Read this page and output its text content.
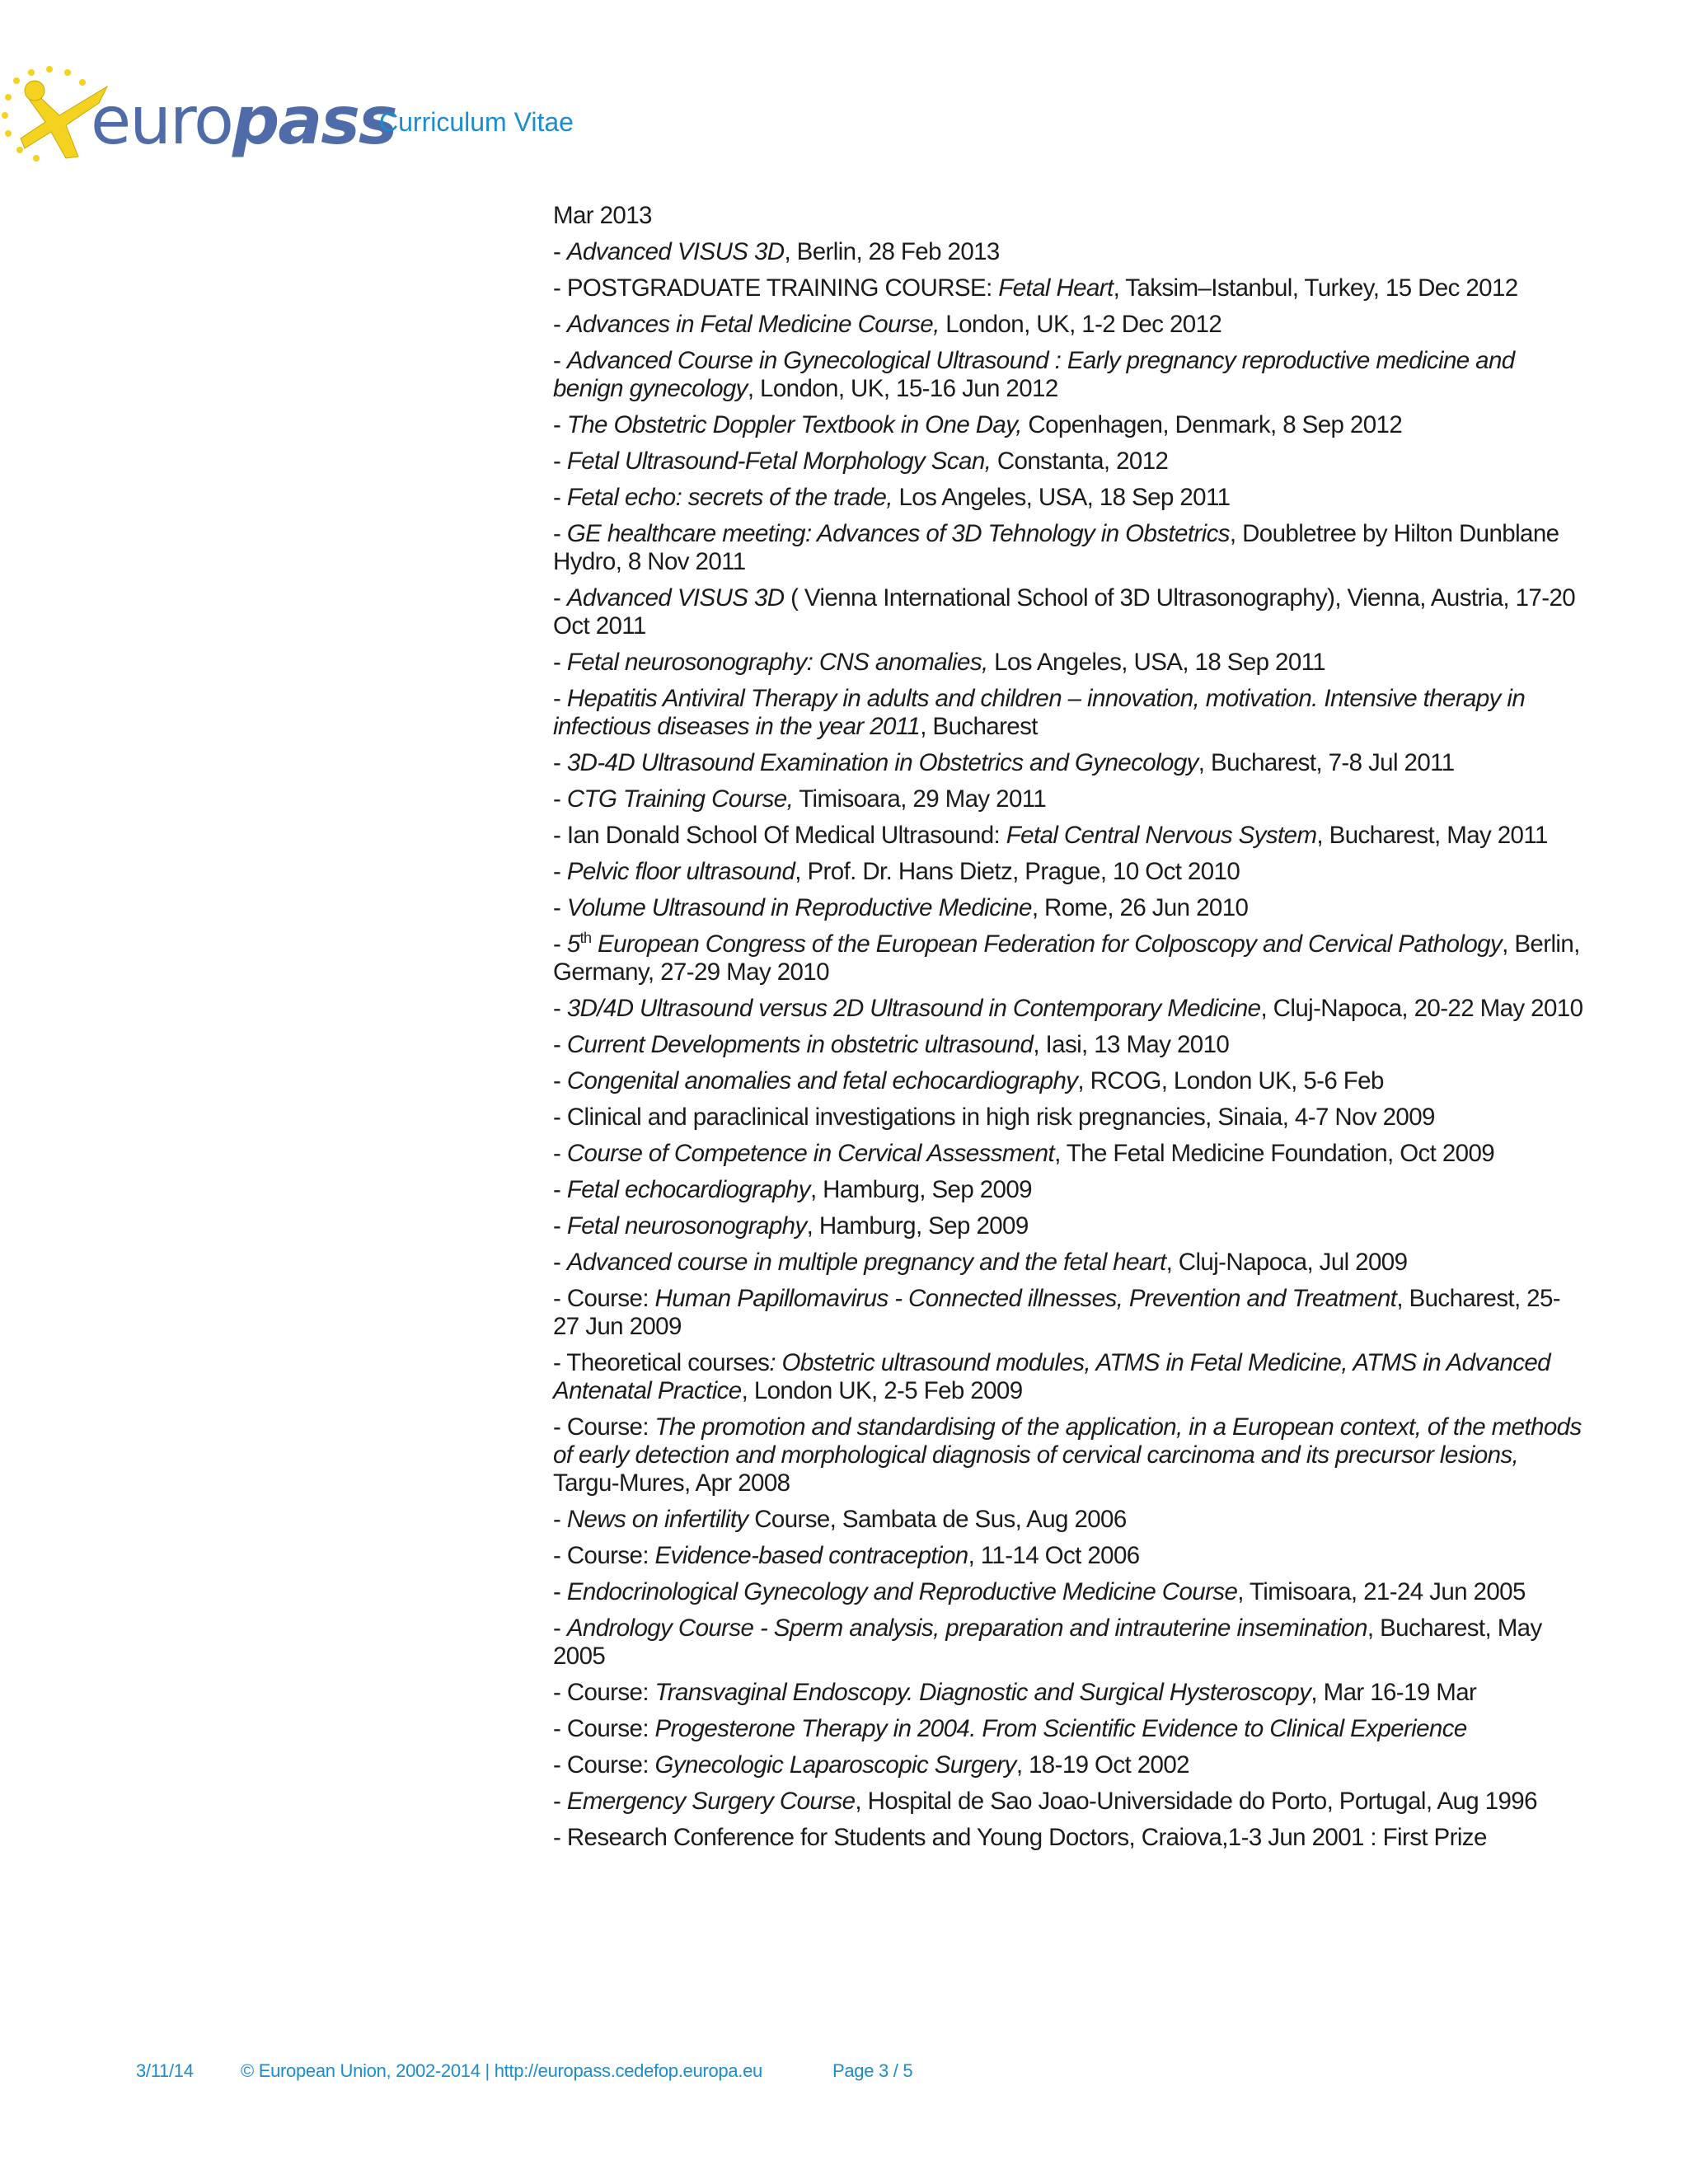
europass
Curriculum Vitae
Mar 2013
- Advanced VISUS 3D, Berlin, 28 Feb 2013
- POSTGRADUATE TRAINING COURSE: Fetal Heart, Taksim–Istanbul, Turkey, 15 Dec 2012
- Advances in Fetal Medicine Course, London, UK, 1-2 Dec 2012
- Advanced Course in Gynecological Ultrasound : Early pregnancy reproductive medicine and benign gynecology, London, UK, 15-16 Jun 2012
- The Obstetric Doppler Textbook in One Day, Copenhagen, Denmark, 8 Sep 2012
- Fetal Ultrasound-Fetal Morphology Scan, Constanta, 2012
- Fetal echo: secrets of the trade, Los Angeles, USA, 18 Sep 2011
- GE healthcare meeting: Advances of 3D Tehnology in Obstetrics, Doubletree by Hilton Dunblane Hydro, 8 Nov 2011
- Advanced VISUS 3D ( Vienna International School of 3D Ultrasonography), Vienna, Austria, 17-20 Oct 2011
- Fetal neurosonography: CNS anomalies, Los Angeles, USA, 18 Sep 2011
- Hepatitis Antiviral Therapy in adults and children – innovation, motivation. Intensive therapy in infectious diseases in the year 2011, Bucharest
- 3D-4D Ultrasound Examination in Obstetrics and Gynecology, Bucharest, 7-8 Jul 2011
- CTG Training Course, Timisoara, 29 May 2011
- Ian Donald School Of Medical Ultrasound: Fetal Central Nervous System, Bucharest, May 2011
- Pelvic floor ultrasound, Prof. Dr. Hans Dietz, Prague, 10 Oct 2010
- Volume Ultrasound in Reproductive Medicine, Rome, 26 Jun 2010
- 5th European Congress of the European Federation for Colposcopy and Cervical Pathology, Berlin, Germany, 27-29 May 2010
- 3D/4D Ultrasound versus 2D Ultrasound in Contemporary Medicine, Cluj-Napoca, 20-22 May 2010
- Current Developments in obstetric ultrasound, Iasi, 13 May 2010
- Congenital anomalies and fetal echocardiography, RCOG, London UK, 5-6 Feb
- Clinical and paraclinical investigations in high risk pregnancies, Sinaia, 4-7 Nov 2009
- Course of Competence in Cervical Assessment, The Fetal Medicine Foundation, Oct 2009
- Fetal echocardiography, Hamburg, Sep 2009
- Fetal neurosonography, Hamburg, Sep 2009
- Advanced course in multiple pregnancy and the fetal heart, Cluj-Napoca, Jul 2009
- Course: Human Papillomavirus - Connected illnesses, Prevention and Treatment, Bucharest, 25-27 Jun 2009
- Theoretical courses: Obstetric ultrasound modules, ATMS in Fetal Medicine, ATMS in Advanced Antenatal Practice, London UK, 2-5 Feb 2009
- Course: The promotion and standardising of the application, in a European context, of the methods of early detection and morphological diagnosis of cervical carcinoma and its precursor lesions, Targu-Mures, Apr 2008
- News on infertility Course, Sambata de Sus, Aug 2006
- Course: Evidence-based contraception, 11-14 Oct 2006
- Endocrinological Gynecology and Reproductive Medicine Course, Timisoara, 21-24 Jun 2005
- Andrology Course - Sperm analysis, preparation and intrauterine insemination, Bucharest, May 2005
- Course: Transvaginal Endoscopy. Diagnostic and Surgical Hysteroscopy, Mar 16-19 Mar
- Course: Progesterone Therapy in 2004. From Scientific Evidence to Clinical Experience
- Course: Gynecologic Laparoscopic Surgery, 18-19 Oct 2002
- Emergency Surgery Course, Hospital de Sao Joao-Universidade do Porto, Portugal, Aug 1996
- Research Conference for Students and Young Doctors, Craiova,1-3 Jun 2001 : First Prize
3/11/14	© European Union, 2002-2014 | http://europass.cedefop.europa.eu	Page 3 / 5
